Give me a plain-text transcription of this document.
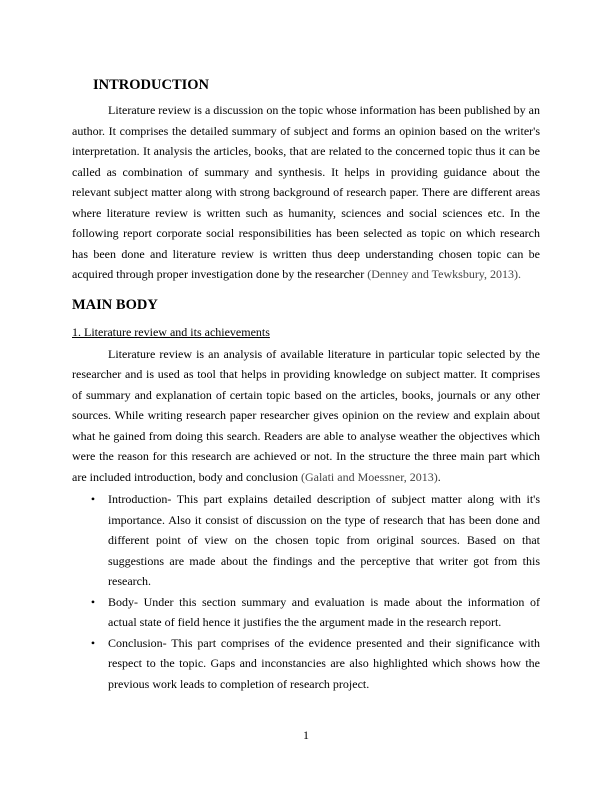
INTRODUCTION

Literature review is a discussion on the topic whose information has been published by an author. It comprises the detailed summary of subject and forms an opinion based on the writer's interpretation. It analysis the articles, books, that are related to the concerned topic thus it can be called as combination of summary and synthesis. It helps in providing guidance about the relevant subject matter along with strong background of research paper. There are different areas where literature review is written such as humanity, sciences and social sciences etc. In the following report corporate social responsibilities has been selected as topic on which research has been done and literature review is written thus deep understanding chosen topic can be acquired through proper investigation done by the researcher (Denney and Tewksbury, 2013).

MAIN BODY
1. Literature review and its achievements

Literature review is an analysis of available literature in particular topic selected by the researcher and is used as tool that helps in providing knowledge on subject matter. It comprises of summary and explanation of certain topic based on the articles, books, journals or any other sources. While writing research paper researcher gives opinion on the review and explain about what he gained from doing this search. Readers are able to analyse weather the objectives which were the reason for this research are achieved or not. In the structure the three main part which are included introduction, body and conclusion (Galati and Moessner, 2013).

• Introduction- This part explains detailed description of subject matter along with it's importance. Also it consist of discussion on the type of research that has been done and different point of view on the chosen topic from original sources. Based on that suggestions are made about the findings and the perceptive that writer got from this research.
• Body- Under this section summary and evaluation is made about the information of actual state of field hence it justifies the the argument made in the research report.
• Conclusion- This part comprises of the evidence presented and their significance with respect to the topic. Gaps and inconstancies are also highlighted which shows how the previous work leads to completion of research project.
1
